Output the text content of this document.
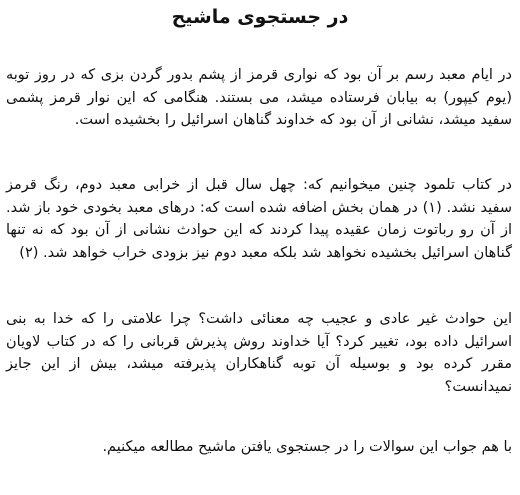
در جستجوی ماشیح

در ایام معبد رسم بر آن بود که نواری قرمز از پشم بدور گردن بزی که در روز توبه (یوم کیپور) به بیابان فرستاده میشد، می بستند. هنگامی که این نوار قرمز پشمی سفید میشد، نشانی از آن بود که خداوند گناهان اسرائیل را بخشیده است.

در کتاب تلمود چنین میخوانیم که: چهل سال قبل از خرابی معبد دوم، رنگ قرمز سفید نشد. (۱) در همان بخش اضافه شده است که: درهای معبد بخودی خود باز شد. از آن رو رباتوت زمان عقیده پیدا کردند که این حوادث نشانی از آن بود که نه تنها گناهان اسرائیل بخشیده نخواهد شد بلکه معبد دوم نیز بزودی خراب خواهد شد. (۲)

این حوادث غیر عادی و عجیب چه معنائی داشت؟ چرا علامتی را که خدا به بنی اسرائیل داده بود، تغییر کرد؟ آیا خداوند روش پذیرش قربانی را که در کتاب لاویان مقرر کرده بود و بوسیله آن توبه گناهکاران پذیرفته میشد، بیش از این جایز نمیدانست؟

با هم جواب این سوالات را در جستجوی یافتن ماشیح مطالعه میکنیم.
